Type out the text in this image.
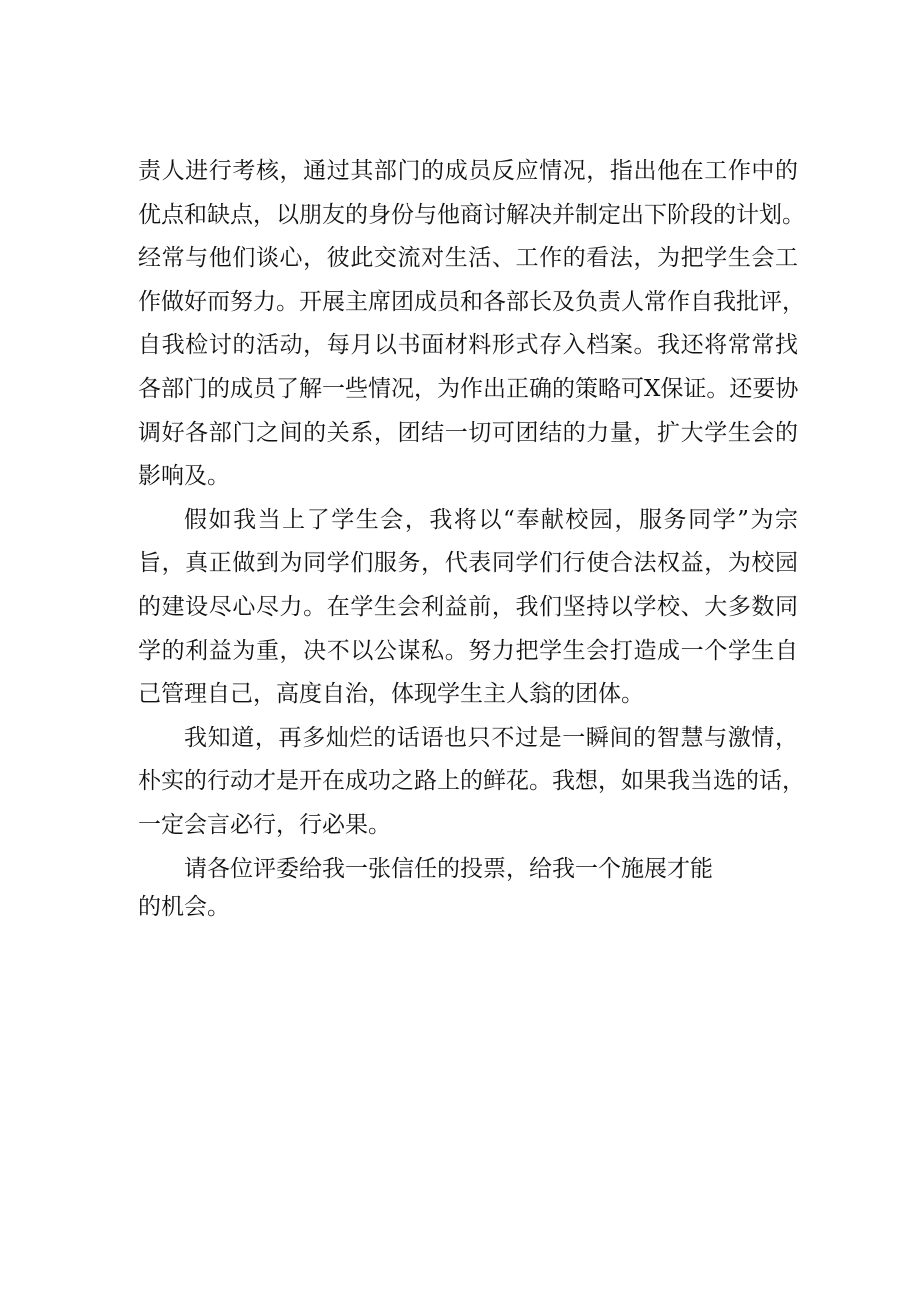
责人进行考核，通过其部门的成员反应情况，指出他在工作中的
优点和缺点，以朋友的身份与他商讨解决并制定出下阶段的计划。
经常与他们谈心，彼此交流对生活、工作的看法，为把学生会工
作做好而努力。开展主席团成员和各部长及负责人常作自我批评，
自我检讨的活动，每月以书面材料形式存入档案。我还将常常找
各部门的成员了解一些情况，为作出正确的策略可X保证。还要协
调好各部门之间的关系，团结一切可团结的力量，扩大学生会的
影响及。
假如我当上了学生会，我将以“奉献校园，服务同学”为宗
旨，真正做到为同学们服务，代表同学们行使合法权益，为校园
的建设尽心尽力。在学生会利益前，我们坚持以学校、大多数同
学的利益为重，决不以公谋私。努力把学生会打造成一个学生自
己管理自己，高度自治，体现学生主人翁的团体。
我知道，再多灿烂的话语也只不过是一瞬间的智慧与激情，
朴实的行动才是开在成功之路上的鲜花。我想，如果我当选的话，
一定会言必行，行必果。
请各位评委给我一张信任的投票，给我一个施展才能
的机会。
